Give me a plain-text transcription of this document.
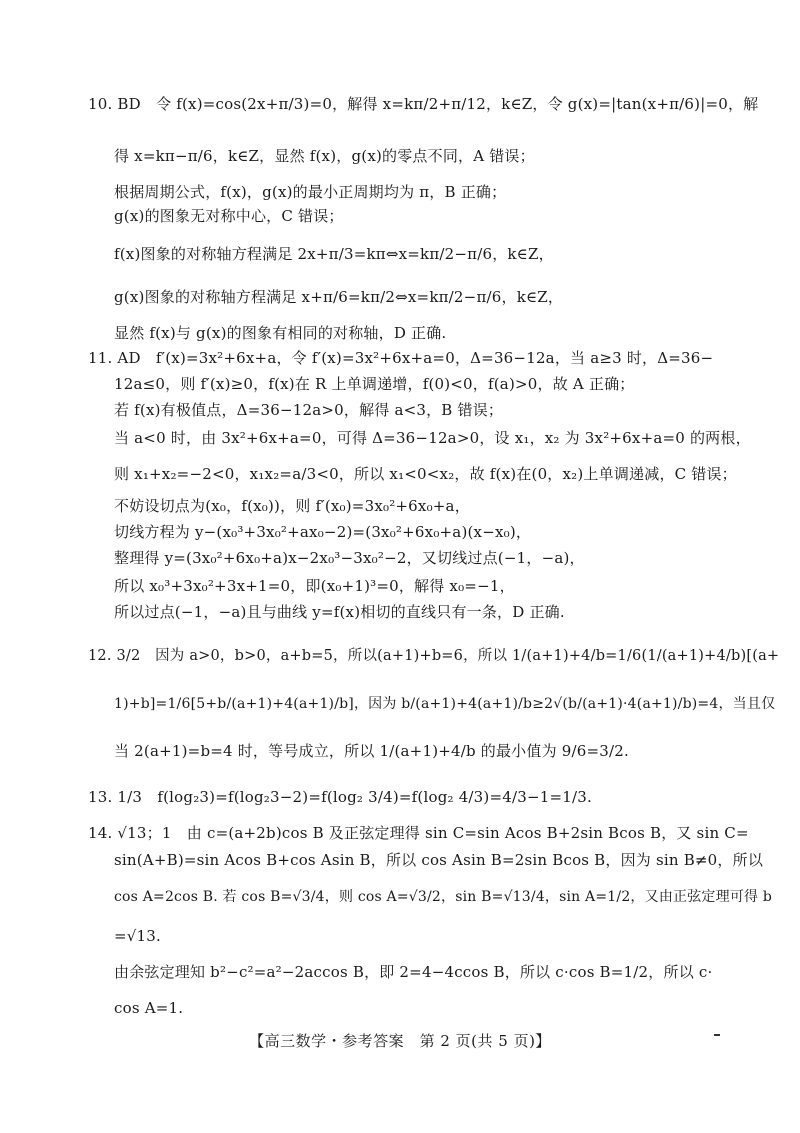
10. BD　令 f(x)=cos(2x+π/3)=0，解得 x=kπ/2+π/12，k∈Z，令 g(x)=|tan(x+π/6)|=0，解
得 x=kπ−π/6，k∈Z，显然 f(x)，g(x)的零点不同，A 错误；
根据周期公式，f(x)，g(x)的最小正周期均为 π，B 正确；
g(x)的图象无对称中心，C 错误；
f(x)图象的对称轴方程满足 2x+π/3=kπ⇔x=kπ/2−π/6，k∈Z，
g(x)图象的对称轴方程满足 x+π/6=kπ/2⇔x=kπ/2−π/6，k∈Z，
显然 f(x)与 g(x)的图象有相同的对称轴，D 正确.
11. AD　f′(x)=3x²+6x+a，令 f′(x)=3x²+6x+a=0，Δ=36−12a，当 a≥3 时，Δ=36−
12a≤0，则 f′(x)≥0，f(x)在 R 上单调递增，f(0)<0，f(a)>0，故 A 正确；
若 f(x)有极值点，Δ=36−12a>0，解得 a<3，B 错误；
当 a<0 时，由 3x²+6x+a=0，可得 Δ=36−12a>0，设 x₁，x₂ 为 3x²+6x+a=0 的两根，
则 x₁+x₂=−2<0，x₁x₂=a/3<0，所以 x₁<0<x₂，故 f(x)在(0，x₂)上单调递减，C 错误；
不妨设切点为(x₀，f(x₀))，则 f′(x₀)=3x₀²+6x₀+a，
切线方程为 y−(x₀³+3x₀²+ax₀−2)=(3x₀²+6x₀+a)(x−x₀)，
整理得 y=(3x₀²+6x₀+a)x−2x₀³−3x₀²−2，又切线过点(−1，−a)，
所以 x₀³+3x₀²+3x+1=0，即(x₀+1)³=0，解得 x₀=−1，
所以过点(−1，−a)且与曲线 y=f(x)相切的直线只有一条，D 正确.
12. 3/2　因为 a>0，b>0，a+b=5，所以(a+1)+b=6，所以 1/(a+1)+4/b=1/6(1/(a+1)+4/b)[(a+
1)+b]=1/6[5+b/(a+1)+4(a+1)/b]，因为 b/(a+1)+4(a+1)/b≥2√(b/(a+1)·4(a+1)/b)=4，当且仅
当 2(a+1)=b=4 时，等号成立，所以 1/(a+1)+4/b 的最小值为 9/6=3/2.
13. 1/3　f(log₂3)=f(log₂3−2)=f(log₂ 3/4)=f(log₂ 4/3)=4/3−1=1/3.
14. √13；1　由 c=(a+2b)cos B 及正弦定理得 sin C=sin Acos B+2sin Bcos B，又 sin C=
sin(A+B)=sin Acos B+cos Asin B，所以 cos Asin B=2sin Bcos B，因为 sin B≠0，所以
cos A=2cos B. 若 cos B=√3/4，则 cos A=√3/2，sin B=√13/4，sin A=1/2，又由正弦定理可得 b
=√13.
由余弦定理知 b²−c²=a²−2accos B，即 2=4−4ccos B，所以 c·cos B=1/2，所以 c·
cos A=1.
【高三数学・参考答案　第 2 页(共 5 页)】
